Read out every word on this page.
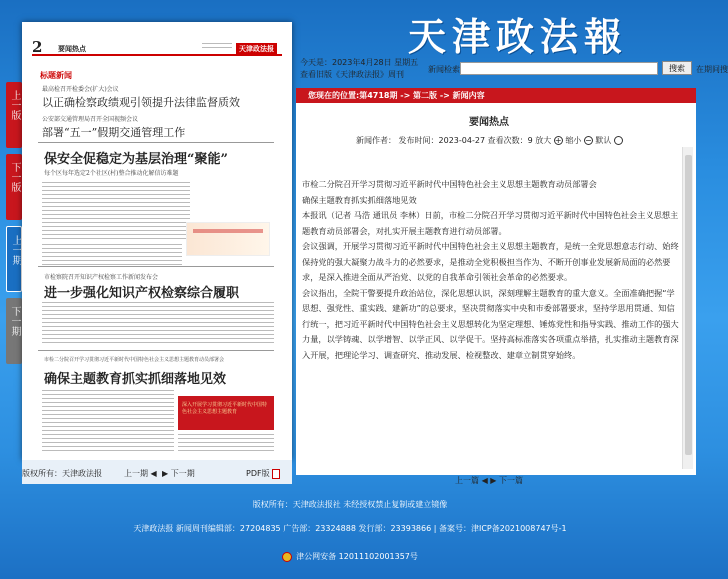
天津政法報
上一版
下一版
上一期
下一期
2 要闻热点	天津政法报
标题新闻
最高检召开检委会(扩大)会议
以正确检察政绩观引领提升法律监督质效
公安部交通管理局召开全国视频会议
部署“五一”假期交通管理工作
保安全促稳定为基层治理“聚能”
每个区每年选定2个社区(村)整合推动化解信访难题
市检察院召开知识产权检察工作新闻发布会
进一步强化知识产权检察综合履职
市检二分院召开学习贯彻习近平新时代中国特色社会主义思想主题教育动员部署会
确保主题教育抓实抓细落地见效
深入开展学习贯彻习近平新时代中国特色社会主义思想主题教育
版权所有：天津政法报	上一期 ◀ ▶ 下一期	PDF版
今天是：2023年4月28日 星期五
查看旧版《天津政法报》周刊
新闻检索	搜索	在期间搜
您现在的位置:第4718期 -> 第二版 -> 新闻内容
要闻热点
新闻作者： 发布时间：2023-04-27 查看次数：9 放大 + 缩小 − 默认

市检二分院召开学习贯彻习近平新时代中国特色社会主义思想主题教育动员部署会

确保主题教育抓实抓细落地见效

本报讯（记者 马浩 通讯员 李林）日前，市检二分院召开学习贯彻习近平新时代中国特色社会主义思想主题教育动员部署会，对扎实开展主题教育进行动员部署。

会议强调，开展学习贯彻习近平新时代中国特色社会主义思想主题教育，是统一全党思想意志行动、始终保持党的强大凝聚力战斗力的必然要求，是推动全党积极担当作为、不断开创事业发展新局面的必然要求，是深入推进全面从严治党、以党的自我革命引领社会革命的必然要求。

会议指出，全院干警要提升政治站位，深化思想认识，深刻理解主题教育的重大意义。全面准确把握“学思想、强党性、重实践、建新功”的总要求，坚决贯彻落实中央和市委部署要求，坚持学思用贯通、知信行统一，把习近平新时代中国特色社会主义思想转化为坚定理想、锤炼党性和指导实践、推动工作的强大力量，以学铸魂、以学增智、以学正风、以学促干。坚持高标准落实各项重点举措，扎实推动主题教育深入开展，把理论学习、调查研究、推动发展、检视整改、建章立制贯穿始终。

上一篇 ◀ ▶ 下一篇
版权所有：天津政法报社 未经授权禁止复制或建立镜像
天津政法报 新闻周刊编辑部：27204835 广告部：23324888 发行部：23393866 | 备案号：津ICP备2021008747号-1
津公网安备 12011102001357号
